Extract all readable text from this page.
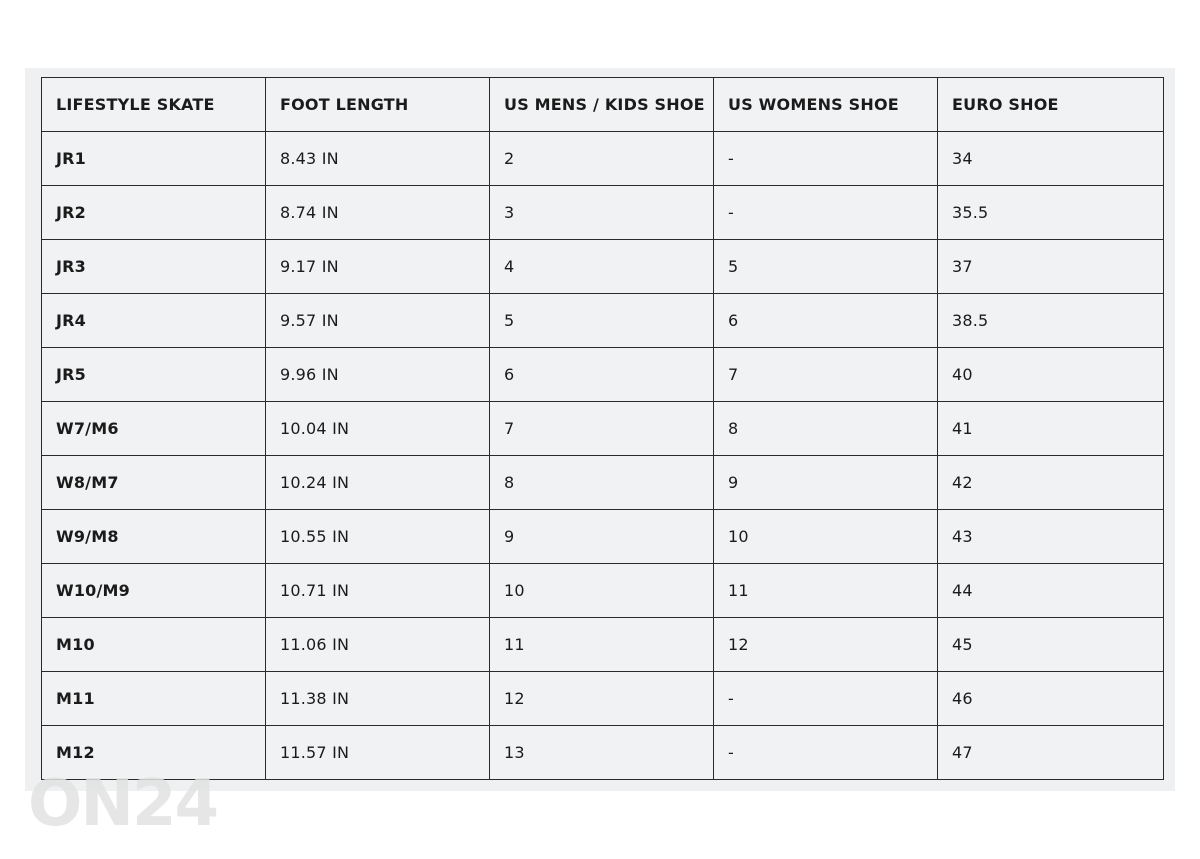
LIFESTYLE SKATE	FOOT LENGTH	US MENS / KIDS SHOE	US WOMENS SHOE	EURO SHOE
JR1	8.43 IN	2	-	34
JR2	8.74 IN	3	-	35.5
JR3	9.17 IN	4	5	37
JR4	9.57 IN	5	6	38.5
JR5	9.96 IN	6	7	40
W7/M6	10.04 IN	7	8	41
W8/M7	10.24 IN	8	9	42
W9/M8	10.55 IN	9	10	43
W10/M9	10.71 IN	10	11	44
M10	11.06 IN	11	12	45
M11	11.38 IN	12	-	46
M12	11.57 IN	13	-	47
ON24
